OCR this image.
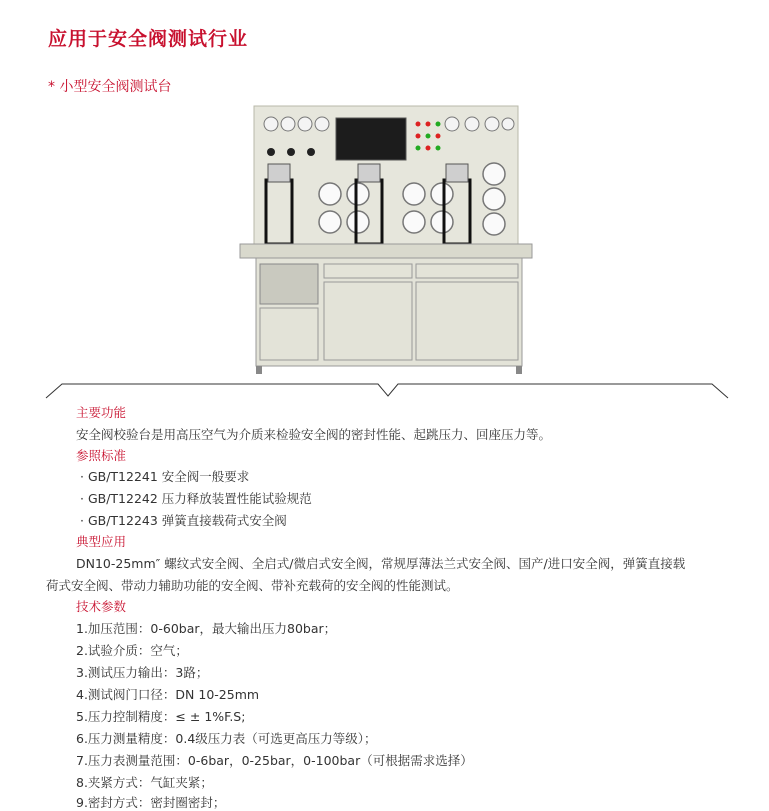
应用于安全阀测试行业
* 小型安全阀测试台
主要功能
安全阀校验台是用高压空气为介质来检验安全阀的密封性能、起跳压力、回座压力等。
参照标准
· GB/T12241 安全阀一般要求
· GB/T12242 压力释放装置性能试验规范
· GB/T12243 弹簧直接载荷式安全阀
典型应用
DN10-25mm″ 螺纹式安全阀、全启式/微启式安全阀，常规厚薄法兰式安全阀、国产/进口安全阀，弹簧直接载
荷式安全阀、带动力辅助功能的安全阀、带补充载荷的安全阀的性能测试。
技术参数
1.加压范围：0-60bar，最大输出压力80bar；
2.试验介质：空气；
3.测试压力输出：3路；
4.测试阀门口径：DN 10-25mm
5.压力控制精度：≤ ± 1%F.S;
6.压力测量精度：0.4级压力表（可选更高压力等级）；
7.压力表测量范围：0-6bar，0-25bar，0-100bar（可根据需求选择）
8.夹紧方式：气缸夹紧；
9.密封方式：密封圈密封；
